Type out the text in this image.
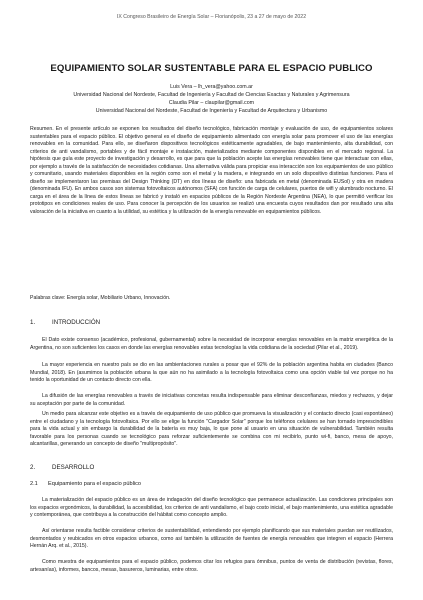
IX Congreso Brasileiro de Energía Solar – Florianópolis, 23 a 27 de mayo de 2022
EQUIPAMIENTO SOLAR SUSTENTABLE PARA EL ESPACIO PUBLICO
Luis Vera – lh_vera@yahoo.com.ar
Universidad Nacional del Nordeste, Facultad de Ingeniería y Facultad de Ciencias Exactas y Naturales y Agrimensura
Claudia Pilar – claupilar@gmail.com
Universidad Nacional del Nordeste, Facultad de Ingeniería y Facultad de Arquitectura y Urbanismo
Resumen. En el presente artículo se exponen los resultados del diseño tecnológico, fabricación montaje y evaluación de uso, de equipamientos solares sustentables para el espacio público. El objetivo general es el diseño de equipamiento alimentado con energía solar para promover el uso de las energías renovables en la comunidad. Para ello, se diseñaron dispositivos tecnológicos estéticamente agradables, de bajo mantenimiento, alta durabilidad, con criterios de anti vandalismo, portables y de fácil montaje e instalación, materializados mediante componentes disponibles en el mercado regional. La hipótesis que guía este proyecto de investigación y desarrollo, es que para que la población acepte las energías renovables tiene que interactuar con ellas, por ejemplo a través de la satisfacción de necesidades cotidianas. Una alternativa válida para propiciar esa interacción son los equipamientos de uso público y comunitario, usando materiales disponibles en la región como son el metal y la madera, e integrando en un solo dispositivo distintas funciones. Para el diseño se implementaron las premisas del Design Thinking (DT) en dos líneas de diseño: una fabricada en metal (denominada EUSol) y otra en madera (denominada IFU). En ambos casos son sistemas fotovoltaicos autónomos (SFA) con función de carga de celulares, puertos de wifi y alumbrado nocturno. El carga en el área de la línea de estos líneas se fabricó y instaló en espacios públicos de la Región Nordeste Argentina (NEA), lo que permitió verificar los prototipos en condiciones reales de uso. Para conocer la percepción de los usuarios se realizó una encuesta cuyos resultados dan por resultado una alta valoración de la iniciativa en cuanto a la utilidad, su estética y la utilización de la energía renovable en equipamientos públicos.
Palabras clave: Energía solar, Mobiliario Urbano, Innovación.
1.	INTRODUCCIÓN
El Dato existe consenso (académico, profesional, gubernamental) sobre la necesidad de incorporar energías renovables en la matriz energética de la Argentina, no son suficientes los casos en donde las energías renovables estas tecnologías la vida cotidiana de la sociedad (Pilar et al., 2019).
La mayor experiencia en nuestro país se dio en las ambientaciones rurales a posar que el 92% de la población argentina habita en ciudades (Banco Mundial, 2018). En (asumimos la población urbana la que aún no ha asimilado a la tecnología fotovoltaica como una opción viable tal vez porque no ha tenido la oportunidad de un contacto directo con ella.
La difusión de las energías renovables a través de iniciativas concretas resulta indispensable para eliminar desconfianzas, miedos y rechazos, y dejar su aceptación por parte de la comunidad.
Un medio para alcanzar este objetivo es a través de equipamiento de uso público que promueva la visualización y el contacto directo (casi espontáneo) entre el ciudadano y la tecnología fotovoltaica. Por ello se elige la función "Cargador Solar" porque los teléfonos celulares se han tornado imprescindibles para la vida actual y sin embargo la durabilidad de la batería es muy baja, lo que pone al usuario en una situación de vulnerabilidad. También resulta favorable para los personas cuando se tecnológico para reforzar suficientemente se combina con mi recibirlo, punto wi-fi, banco, mesa de apoyo, alcantarillas, generando un concepto de diseño "multipropósito".
2.	DESARROLLO
2.1 Equipamiento para el espacio público
La materialización del espacio público es un área de indagación del diseño tecnológico que permanece actualización. Las condiciones principales son los espacios ergonómicos, la durabilidad, la accesibilidad, los criterios de anti vandalismo, el bajo costo inicial, el bajo mantenimiento, una estética agradable y contemporánea, que contribuya a la construcción del hábitat como concepto amplio.
Así orientarse resulta factible considerar criterios de sustentabilidad, entendiendo por ejemplo planificando que sus materiales puedan ser reutilizados, desmontados y reubicados en otros espacios urbanos, como así también la utilización de fuentes de energía renovables que integren el espacio (Herrera Hernán Arq. et al., 2015).
Como muestra de equipamientos para el espacio público, podemos citar los refugios para ómnibus, puntos de venta de distribución (revistas, flores, artesanías), informes, bancos, mesas, basureros, luminarias, entre otros.
